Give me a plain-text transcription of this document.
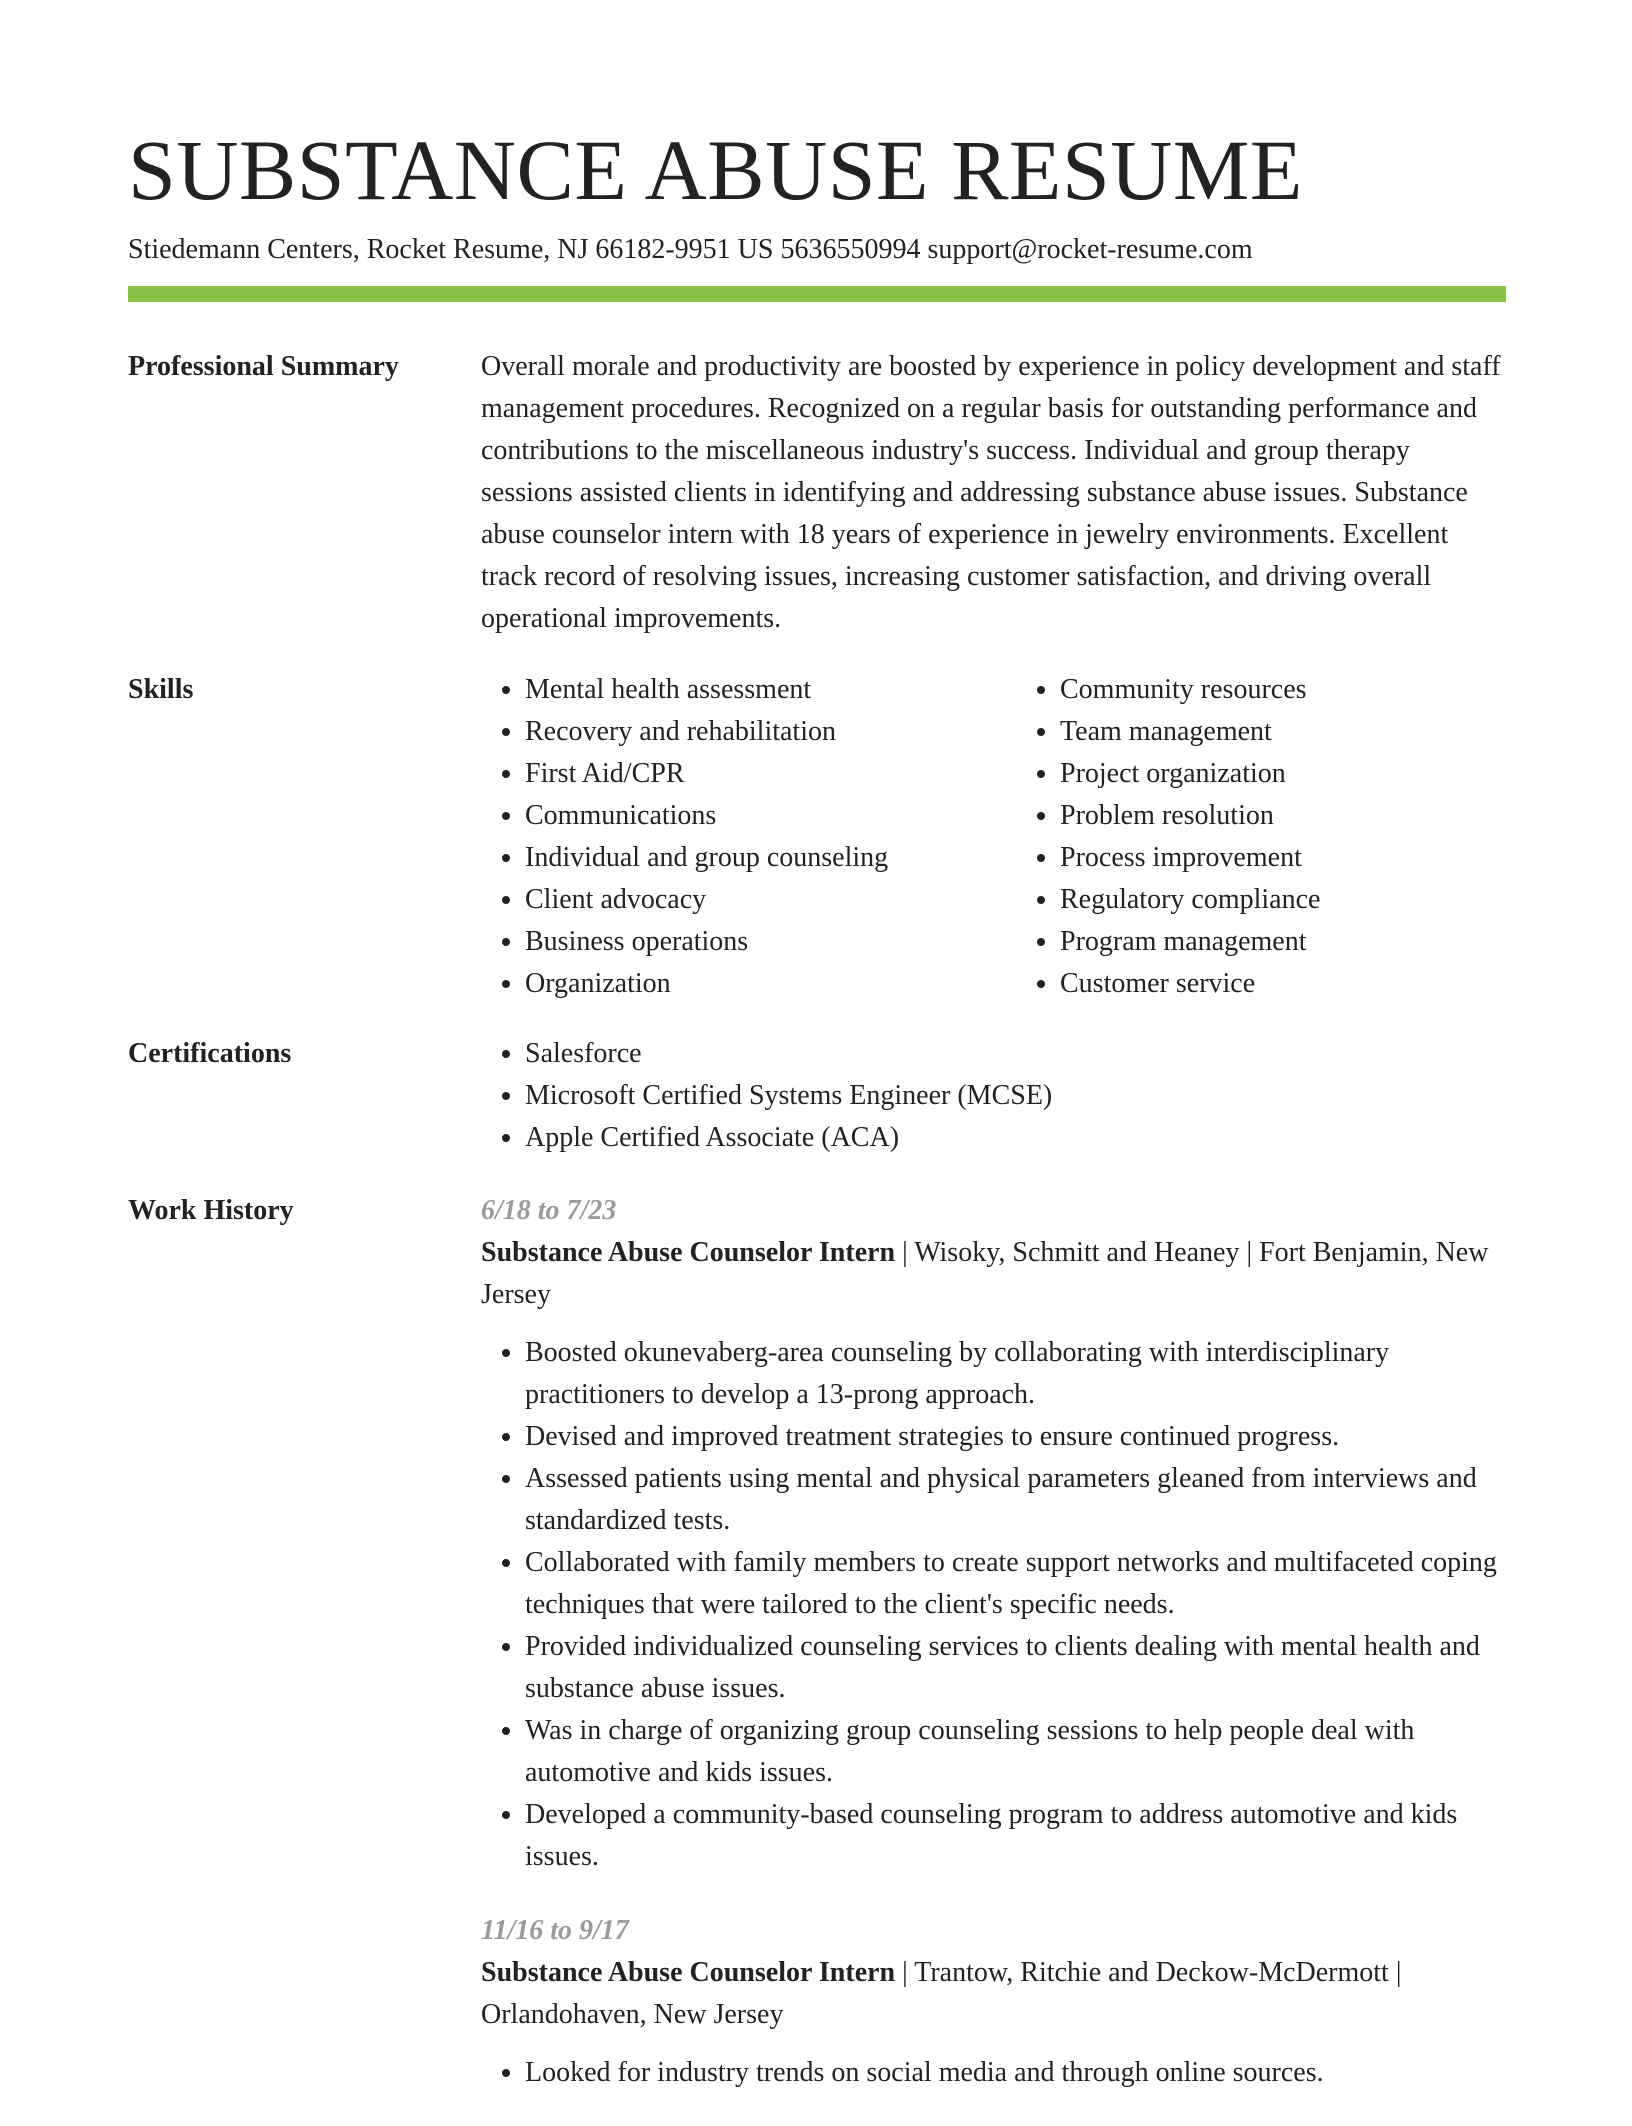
SUBSTANCE ABUSE RESUME
Stiedemann Centers, Rocket Resume, NJ 66182-9951 US 5636550994 support@rocket-resume.com
Professional Summary	Overall morale and productivity are boosted by experience in policy development and staff management procedures. Recognized on a regular basis for outstanding performance and contributions to the miscellaneous industry's success. Individual and group therapy sessions assisted clients in identifying and addressing substance abuse issues. Substance abuse counselor intern with 18 years of experience in jewelry environments. Excellent track record of resolving issues, increasing customer satisfaction, and driving overall operational improvements.

Skills	• Mental health assessment
• Recovery and rehabilitation
• First Aid/CPR
• Communications
• Individual and group counseling
• Client advocacy
• Business operations
• Organization
• Community resources
• Team management
• Project organization
• Problem resolution
• Process improvement
• Regulatory compliance
• Program management
• Customer service
Certifications	• Salesforce
• Microsoft Certified Systems Engineer (MCSE)
• Apple Certified Associate (ACA)
Work History	6/18 to 7/23
Substance Abuse Counselor Intern | Wisoky, Schmitt and Heaney | Fort Benjamin, New Jersey
• Boosted okunevaberg-area counseling by collaborating with interdisciplinary practitioners to develop a 13-prong approach.
• Devised and improved treatment strategies to ensure continued progress.
• Assessed patients using mental and physical parameters gleaned from interviews and standardized tests.
• Collaborated with family members to create support networks and multifaceted coping techniques that were tailored to the client's specific needs.
• Provided individualized counseling services to clients dealing with mental health and substance abuse issues.
• Was in charge of organizing group counseling sessions to help people deal with automotive and kids issues.
• Developed a community-based counseling program to address automotive and kids issues.
11/16 to 9/17
Substance Abuse Counselor Intern | Trantow, Ritchie and Deckow-McDermott | Orlandohaven, New Jersey
• Looked for industry trends on social media and through online sources.
